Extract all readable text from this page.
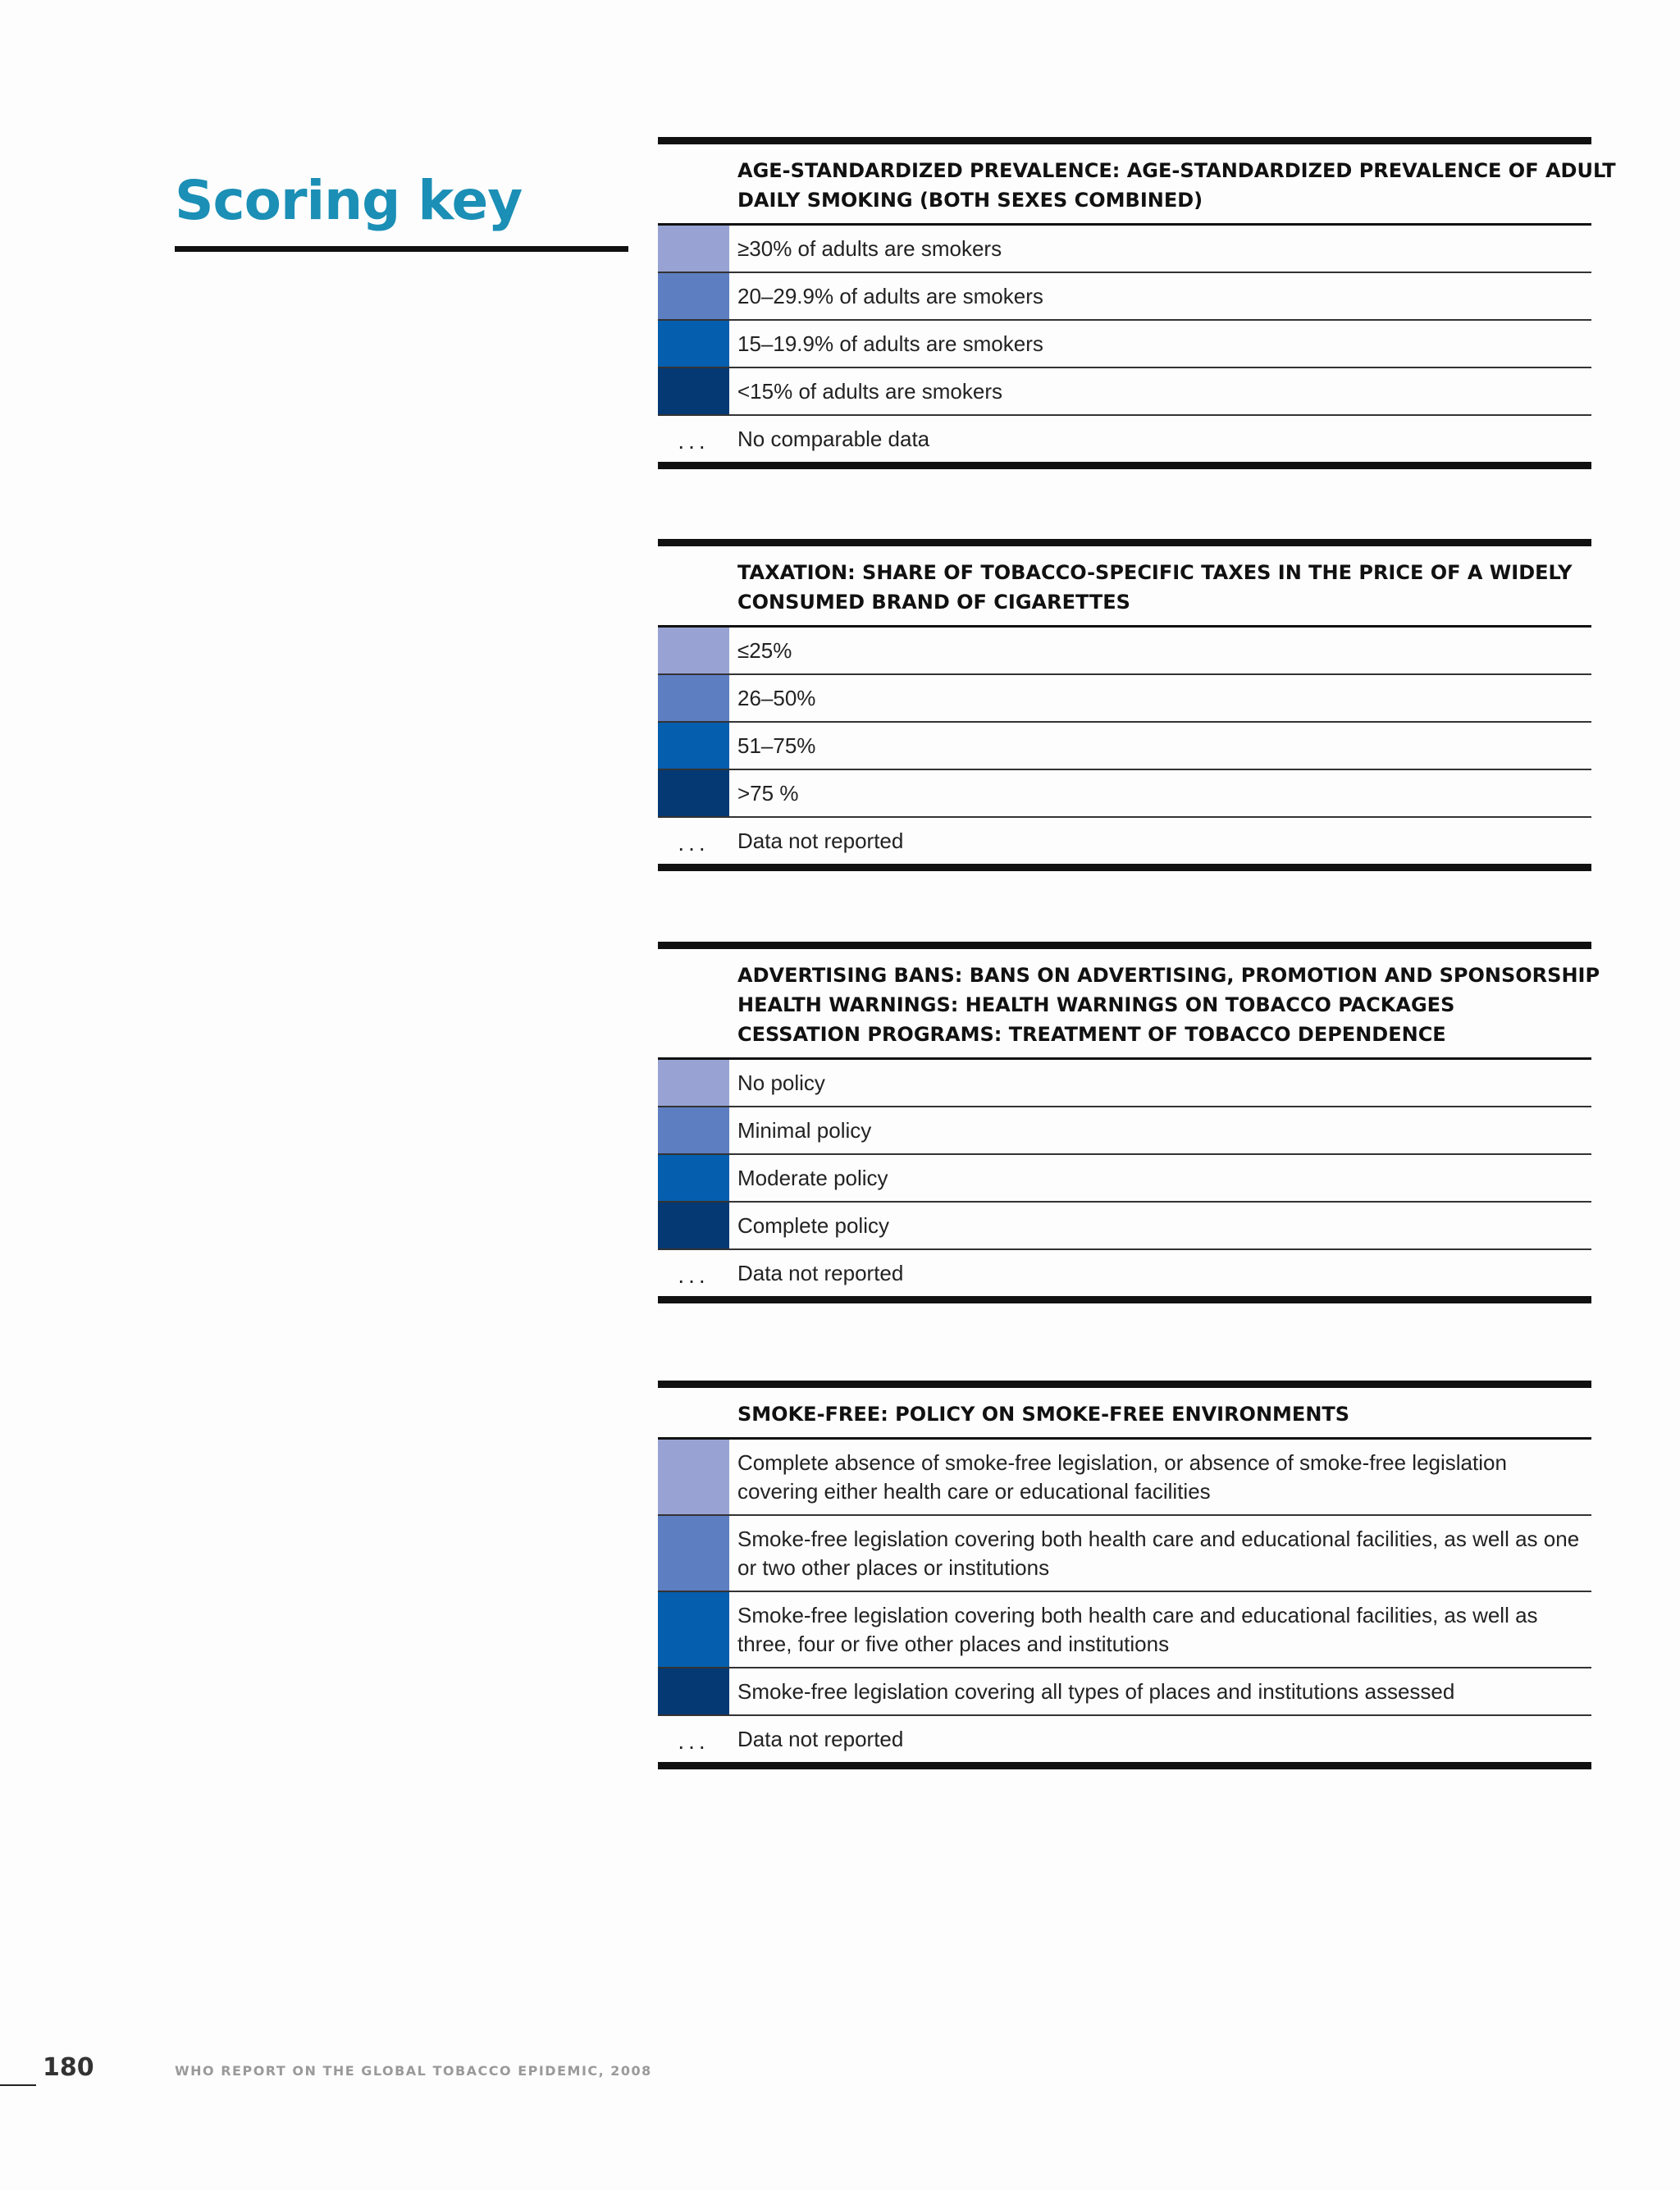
Scoring key	AGE-STANDARDIZED PREVALENCE: AGE-STANDARDIZED PREVALENCE OF ADULT
DAILY SMOKING (BOTH SEXES COMBINED)
≥30% of adults are smokers
20–29.9% of adults are smokers
15–19.9% of adults are smokers
<15% of adults are smokers
...	No comparable data
TAXATION: SHARE OF TOBACCO-SPECIFIC TAXES IN THE PRICE OF A WIDELY
CONSUMED BRAND OF CIGARETTES
≤25%
26–50%
51–75%
>75 %
...	Data not reported
ADVERTISING BANS: BANS ON ADVERTISING, PROMOTION AND SPONSORSHIP
HEALTH WARNINGS: HEALTH WARNINGS ON TOBACCO PACKAGES
CESSATION PROGRAMS: TREATMENT OF TOBACCO DEPENDENCE
No policy
Minimal policy
Moderate policy
Complete policy
...	Data not reported
SMOKE-FREE: POLICY ON SMOKE-FREE ENVIRONMENTS
Complete absence of smoke-free legislation, or absence of smoke-free legislation covering either health care or educational facilities
Smoke-free legislation covering both health care and educational facilities, as well as one or two other places or institutions
Smoke-free legislation covering both health care and educational facilities, as well as three, four or five other places and institutions
Smoke-free legislation covering all types of places and institutions assessed
...	Data not reported
180	WHO REPORT ON THE GLOBAL TOBACCO EPIDEMIC, 2008
